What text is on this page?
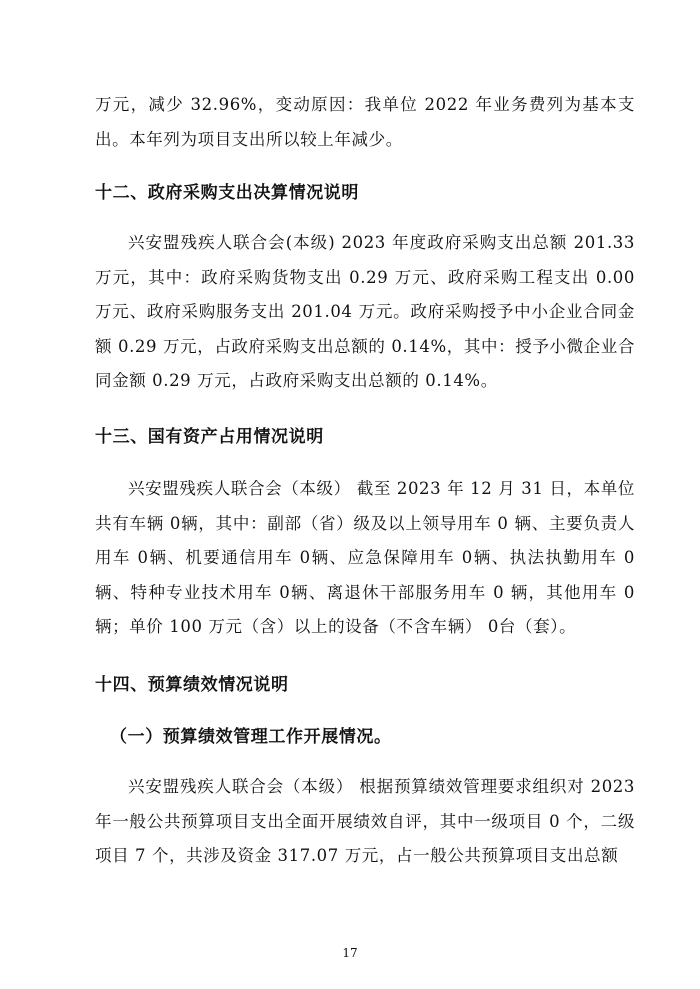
万元，减少 32.96%，变动原因：我单位 2022 年业务费列为基本支出。本年列为项目支出所以较上年减少。

十二、政府采购支出决算情况说明

兴安盟残疾人联合会(本级) 2023 年度政府采购支出总额 201.33 万元，其中：政府采购货物支出 0.29 万元、政府采购工程支出 0.00 万元、政府采购服务支出 201.04 万元。政府采购授予中小企业合同金额 0.29 万元，占政府采购支出总额的 0.14%，其中：授予小微企业合同金额 0.29 万元，占政府采购支出总额的 0.14%。

十三、国有资产占用情况说明

兴安盟残疾人联合会（本级） 截至 2023 年 12 月 31 日，本单位共有车辆 0辆，其中：副部（省）级及以上领导用车 0 辆、主要负责人用车 0辆、机要通信用车 0辆、应急保障用车 0辆、执法执勤用车 0辆、特种专业技术用车 0辆、离退休干部服务用车 0 辆，其他用车 0 辆；单价 100 万元（含）以上的设备（不含车辆） 0台（套）。

十四、预算绩效情况说明
（一）预算绩效管理工作开展情况。

兴安盟残疾人联合会（本级） 根据预算绩效管理要求组织对 2023 年一般公共预算项目支出全面开展绩效自评，其中一级项目 0 个，二级项目 7 个，共涉及资金 317.07 万元，占一般公共预算项目支出总额

17
